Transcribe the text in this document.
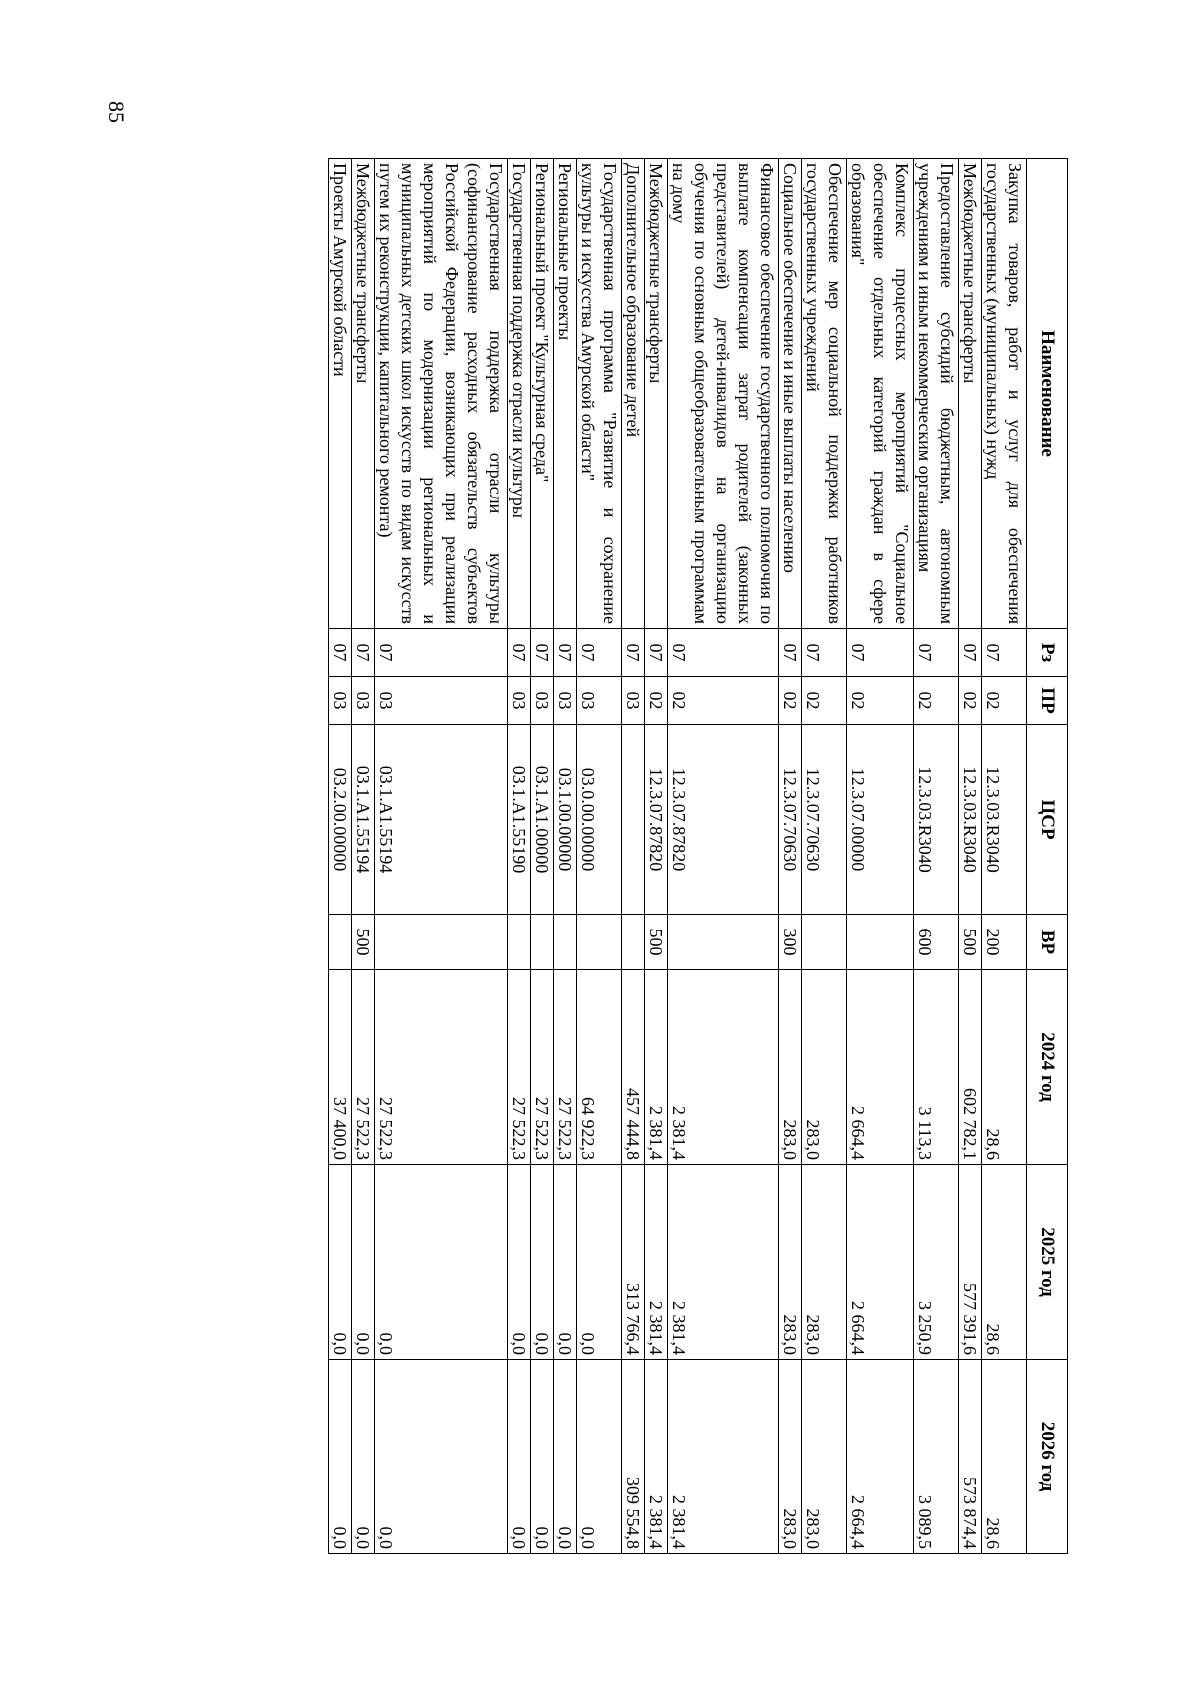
85
Наименование	Рз	ПР	ЦСР	ВР	2024 год	2025 год	2026 год
Закупка товаров, работ и услуг для обеспечения государственных (муниципальных) нужд	07	02	12.3.03.R3040	200	28,6	28,6	28,6
Межбюджетные трансферты	07	02	12.3.03.R3040	500	602 782,1	577 391,6	573 874,4
Предоставление субсидий бюджетным, автономным учреждениям и иным некоммерческим организациям	07	02	12.3.03.R3040	600	3 113,3	3 250,9	3 089,5
Комплекс процессных мероприятий "Социальное обеспечение отдельных категорий граждан в сфере образования"	07	02	12.3.07.00000		2 664,4	2 664,4	2 664,4
Обеспечение мер социальной поддержки работников государственных учреждений	07	02	12.3.07.70630		283,0	283,0	283,0
Социальное обеспечение и иные выплаты населению	07	02	12.3.07.70630	300	283,0	283,0	283,0
Финансовое обеспечение государственного полномочия по выплате компенсации затрат родителей (законных представителей) детей-инвалидов на организацию обучения по основным общеобразовательным программам на дому	07	02	12.3.07.87820		2 381,4	2 381,4	2 381,4
Межбюджетные трансферты	07	02	12.3.07.87820	500	2 381,4	2 381,4	2 381,4
Дополнительное образование детей	07	03			457 444,8	313 766,4	309 554,8
Государственная программа "Развитие и сохранение культуры и искусства Амурской области"	07	03	03.0.00.00000		64 922,3	0,0	0,0
Региональные проекты	07	03	03.1.00.00000		27 522,3	0,0	0,0
Региональный проект "Культурная среда"	07	03	03.1.А1.00000		27 522,3	0,0	0,0
Государственная поддержка отрасли культуры	07	03	03.1.А1.55190		27 522,3	0,0	0,0
Государственная поддержка отрасли культуры (софинансирование расходных обязательств субъектов Российской Федерации, возникающих при реализации мероприятий по модернизации региональных и муниципальных детских школ искусств по видам искусств путем их реконструкции, капитального ремонта)	07	03	03.1.А1.55194		27 522,3	0,0	0,0
Межбюджетные трансферты	07	03	03.1.А1.55194	500	27 522,3	0,0	0,0
Проекты Амурской области	07	03	03.2.00.00000		37 400,0	0,0	0,0
